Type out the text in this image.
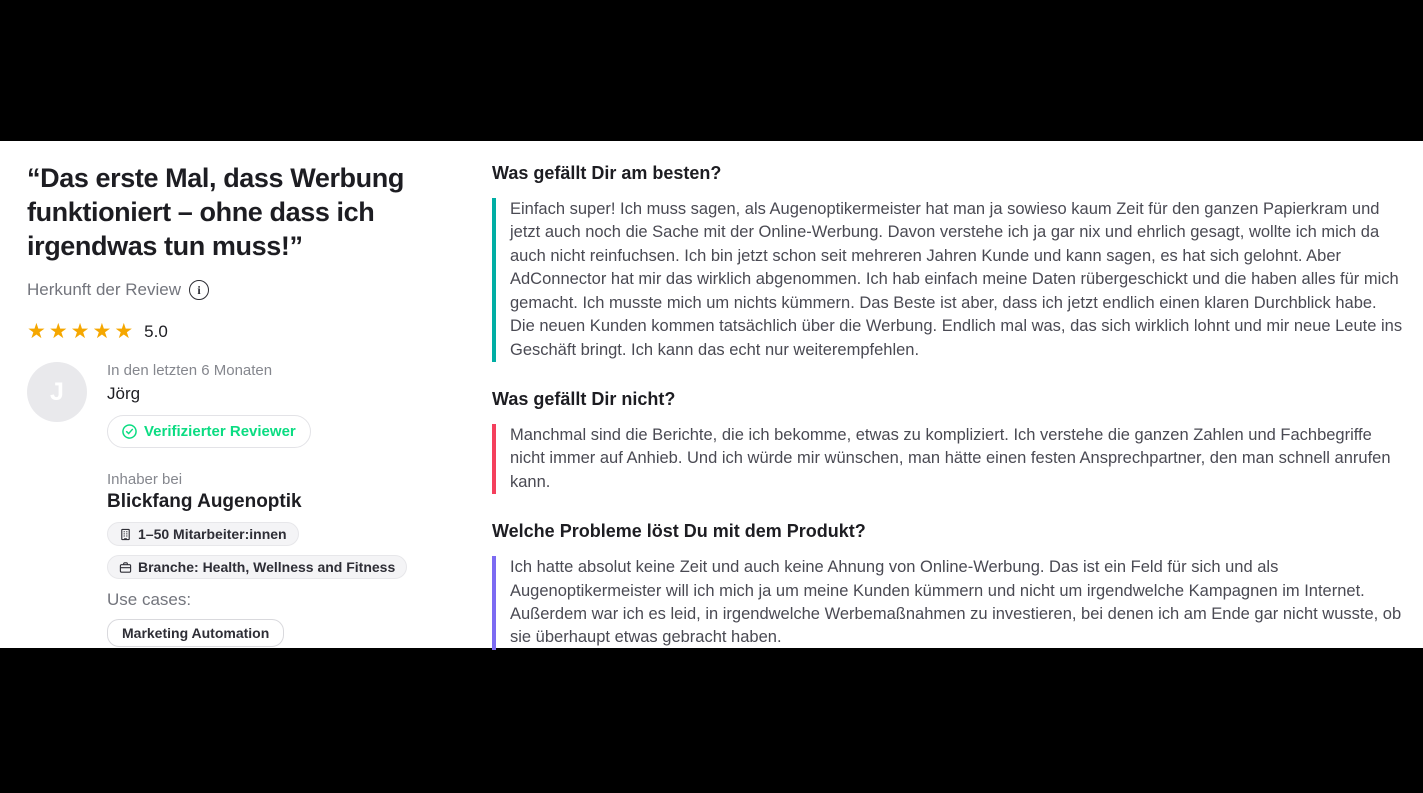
“Das erste Mal, dass Werbung funktioniert – ohne dass ich irgendwas tun muss!”
Herkunft der Review	i
★ ★ ★ ★ ★ 5.0
J
In den letzten 6 Monaten
Jörg
Verifizierter Reviewer
Inhaber bei
Blickfang Augenoptik
1–50 Mitarbeiter:innen
Branche: Health, Wellness and Fitness
Use cases:
Marketing Automation
Was gefällt Dir am besten?
Einfach super! Ich muss sagen, als Augenoptikermeister hat man ja sowieso kaum Zeit für den ganzen Papierkram und jetzt auch noch die Sache mit der Online-Werbung. Davon verstehe ich ja gar nix und ehrlich gesagt, wollte ich mich da auch nicht reinfuchsen. Ich bin jetzt schon seit mehreren Jahren Kunde und kann sagen, es hat sich gelohnt. Aber AdConnector hat mir das wirklich abgenommen. Ich hab einfach meine Daten rübergeschickt und die haben alles für mich gemacht. Ich musste mich um nichts kümmern. Das Beste ist aber, dass ich jetzt endlich einen klaren Durchblick habe. Die neuen Kunden kommen tatsächlich über die Werbung. Endlich mal was, das sich wirklich lohnt und mir neue Leute ins Geschäft bringt. Ich kann das echt nur weiterempfehlen.
Was gefällt Dir nicht?
Manchmal sind die Berichte, die ich bekomme, etwas zu kompliziert. Ich verstehe die ganzen Zahlen und Fachbegriffe nicht immer auf Anhieb. Und ich würde mir wünschen, man hätte einen festen Ansprechpartner, den man schnell anrufen kann.
Welche Probleme löst Du mit dem Produkt?
Ich hatte absolut keine Zeit und auch keine Ahnung von Online-Werbung. Das ist ein Feld für sich und als Augenoptikermeister will ich mich ja um meine Kunden kümmern und nicht um irgendwelche Kampagnen im Internet. Außerdem war ich es leid, in irgendwelche Werbemaßnahmen zu investieren, bei denen ich am Ende gar nicht wusste, ob sie überhaupt etwas gebracht haben.
